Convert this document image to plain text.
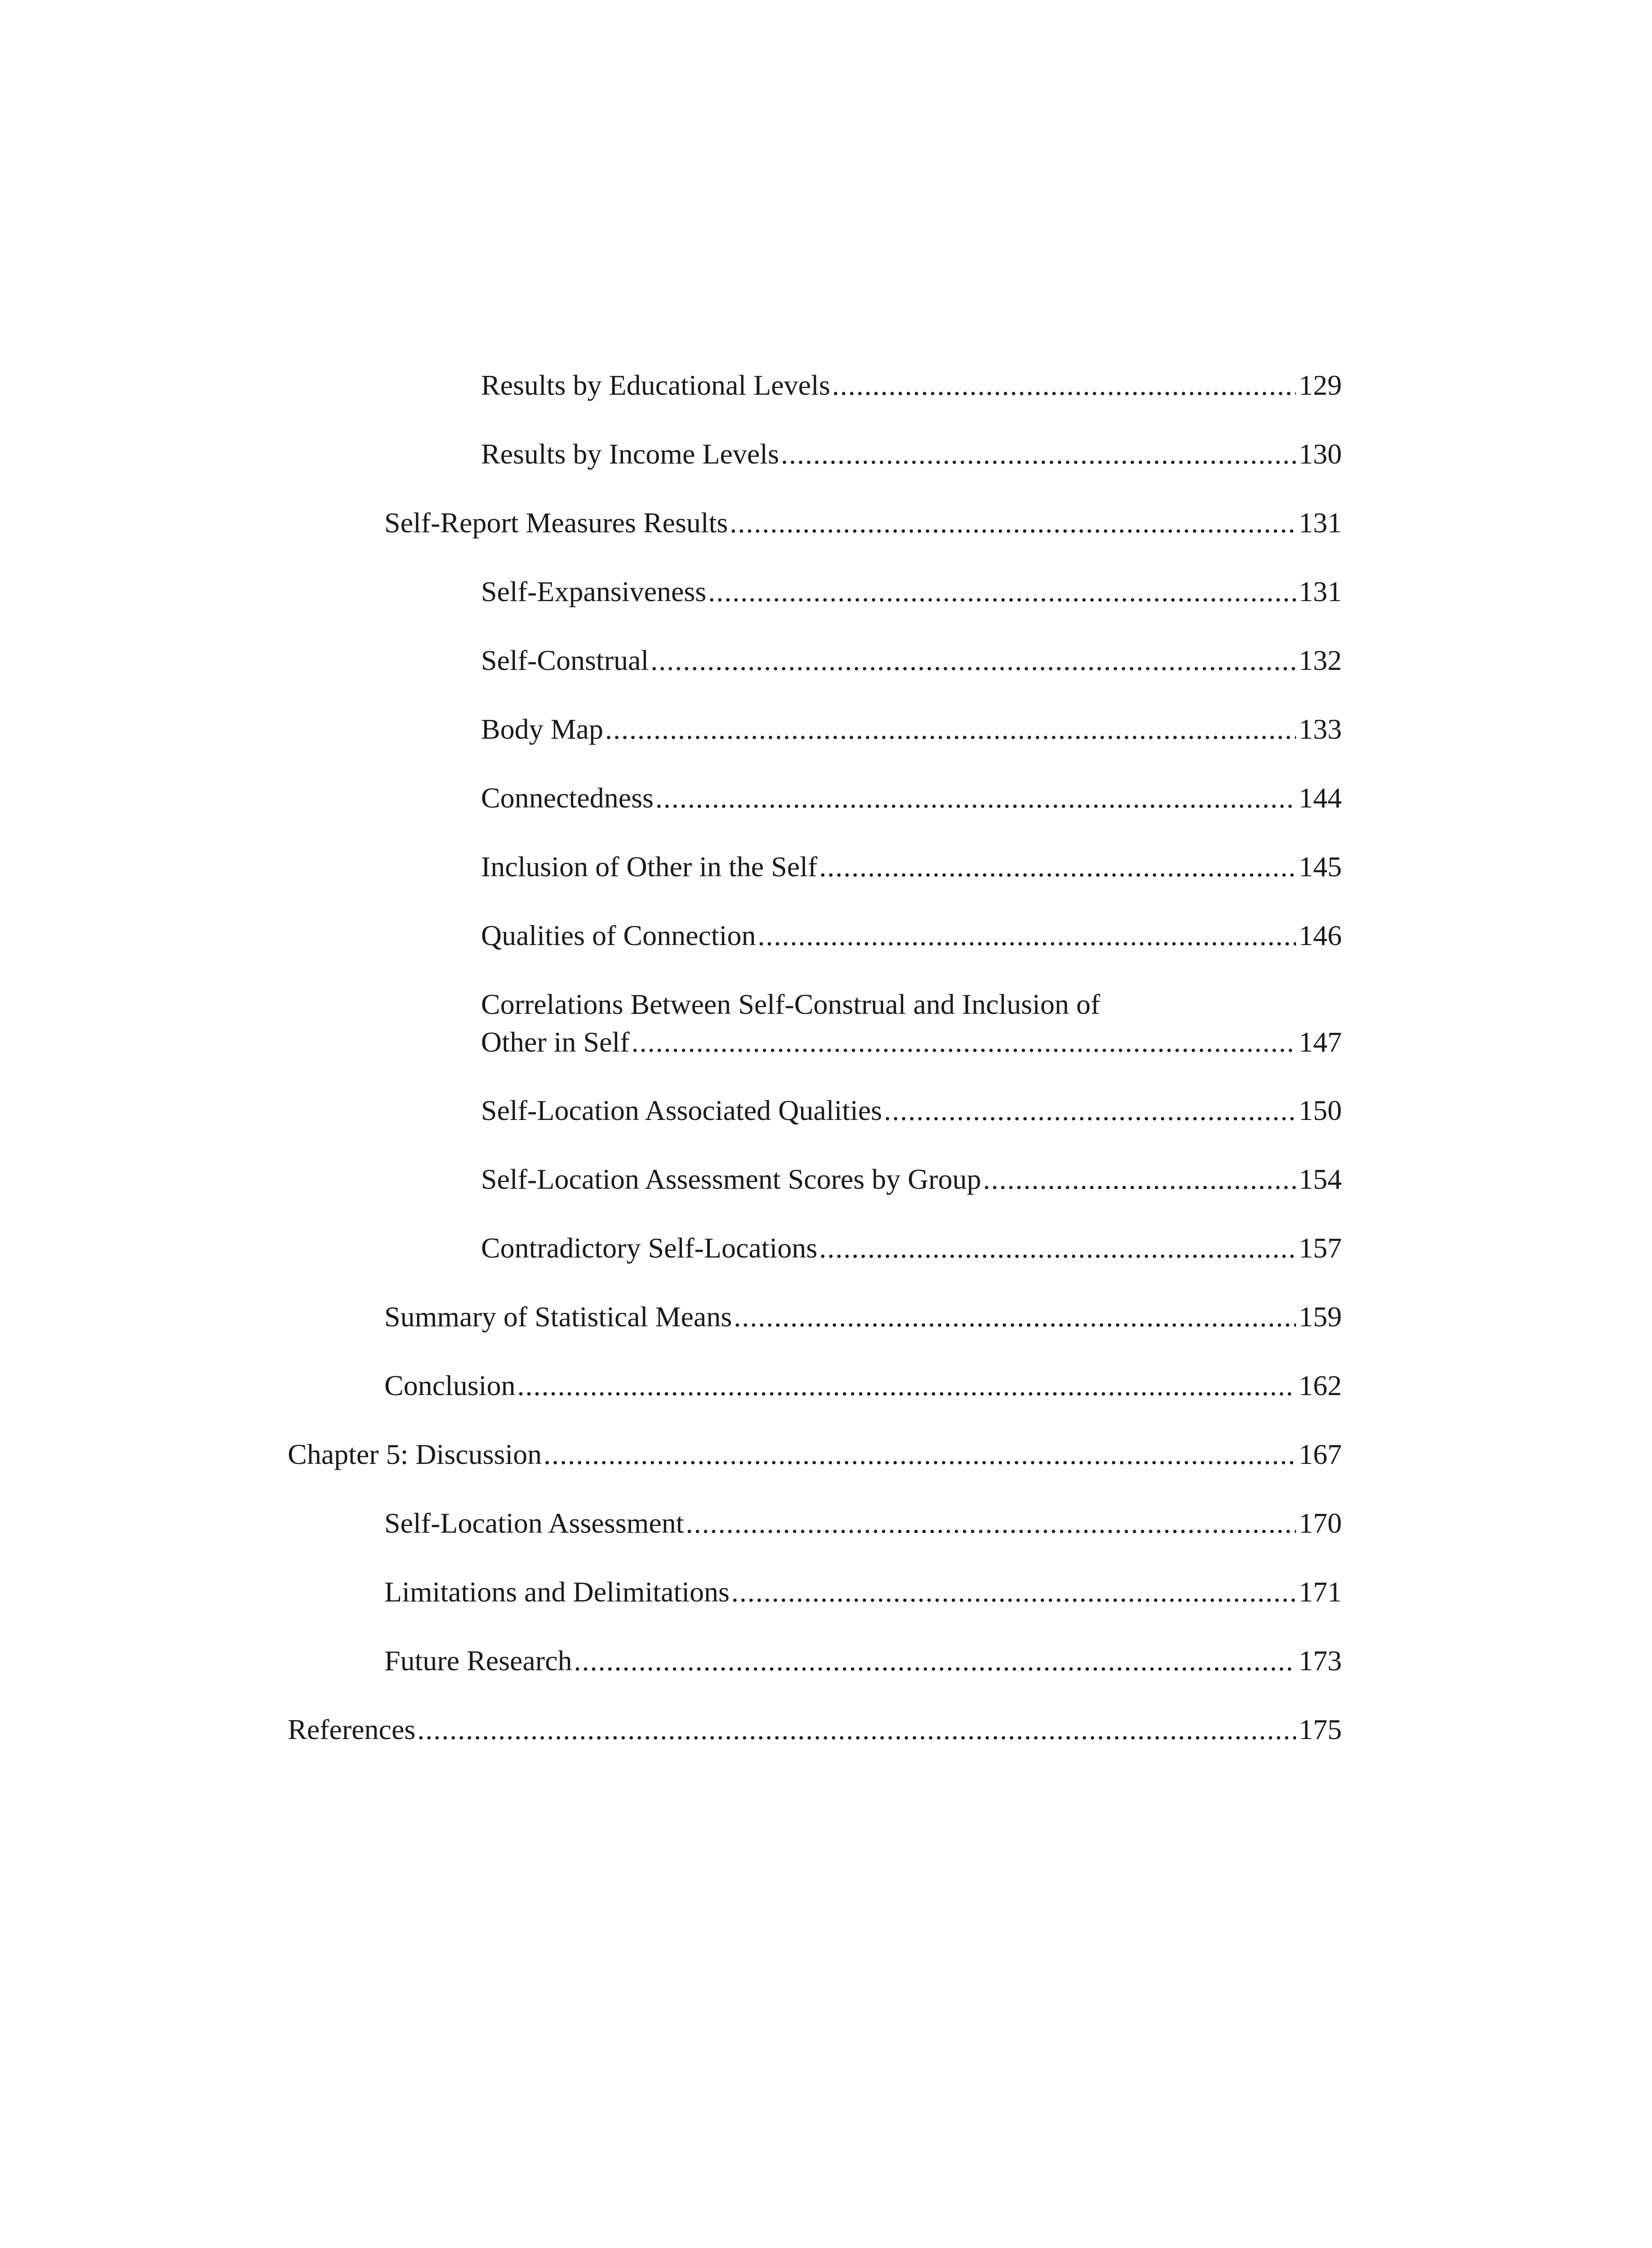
Results by Educational Levels .....	129
Results by Income Levels .....	130
Self-Report Measures Results .....	131
Self-Expansiveness .....	131
Self-Construal .....	132
Body Map .....	133
Connectedness .....	144
Inclusion of Other in the Self .....	145
Qualities of Connection .....	146
Correlations Between Self-Construal and Inclusion of
Other in Self .....	147
Self-Location Associated Qualities .....	150
Self-Location Assessment Scores by Group .....	154
Contradictory Self-Locations .....	157
Summary of Statistical Means .....	159
Conclusion .....	162
Chapter 5: Discussion .....	167
Self-Location Assessment .....	170
Limitations and Delimitations .....	171
Future Research .....	173
References .....	175
